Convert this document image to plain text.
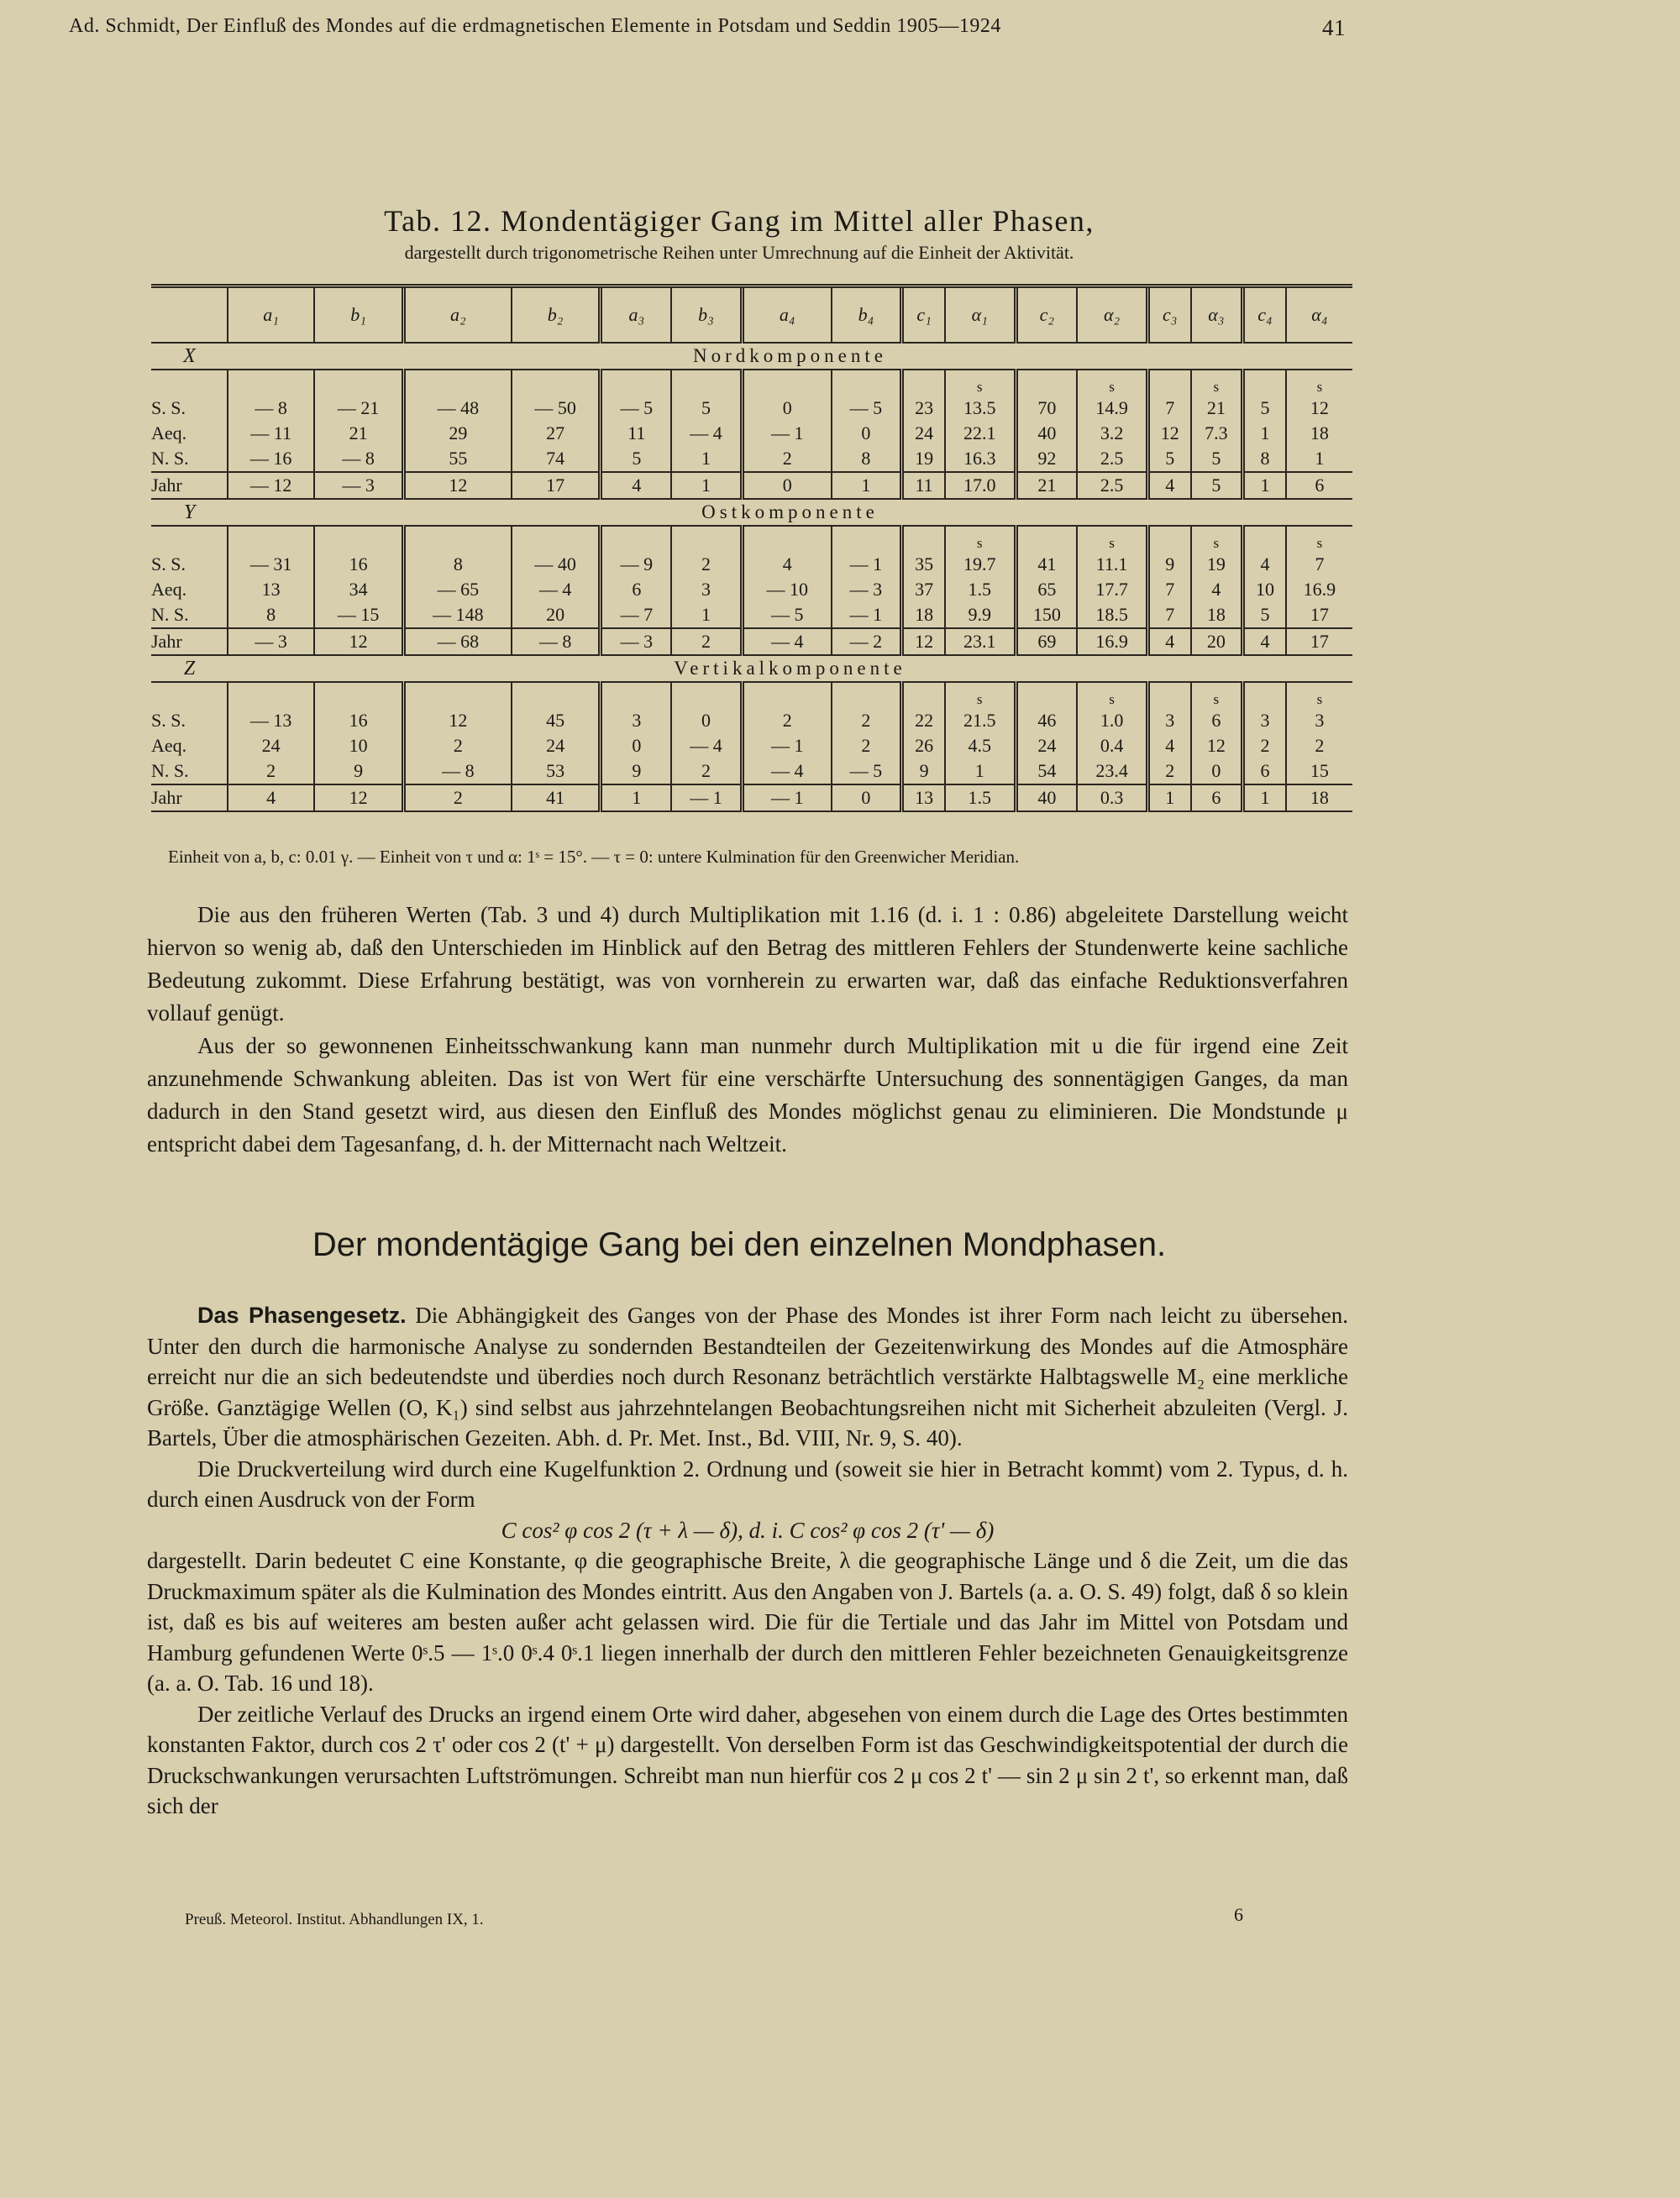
Ad. Schmidt, Der Einfluß des Mondes auf die erdmagnetischen Elemente in Potsdam und Seddin 1905—1924	41
Tab. 12. Mondentägiger Gang im Mittel aller Phasen,
dargestellt durch trigonometrische Reihen unter Umrechnung auf die Einheit der Aktivität.
	a₁	b₁	a₂	b₂	a₃	b₃	a₄	b₄	c₁	α₁	c₂	α₂	c₃	α₃	c₄	α₄
X	Nordkomponente															
										s		s		s		s
S. S.	— 8	— 21	— 48	— 50	— 5	5	0	— 5	23	13.5	70	14.9	7	21	5	12
Aeq.	— 11	21	29	27	11	— 4	— 1	0	24	22.1	40	3.2	12	7.3	1	18
N. S.	— 16	— 8	55	74	5	1	2	8	19	16.3	92	2.5	5	5	8	1
Jahr	— 12	— 3	12	17	4	1	0	1	11	17.0	21	2.5	4	5	1	6
Y	Ostkomponente															
										s		s		s		s
S. S.	— 31	16	8	— 40	— 9	2	4	— 1	35	19.7	41	11.1	9	19	4	7
Aeq.	13	34	— 65	— 4	6	3	— 10	— 3	37	1.5	65	17.7	7	4	10	16.9
N. S.	8	— 15	— 148	20	— 7	1	— 5	— 1	18	9.9	150	18.5	7	18	5	17
Jahr	— 3	12	— 68	— 8	— 3	2	— 4	— 2	12	23.1	69	16.9	4	20	4	17
Z	Vertikalkomponente															
										s		s		s		s
S. S.	— 13	16	12	45	3	0	2	2	22	21.5	46	1.0	3	6	3	3
Aeq.	24	10	2	24	0	— 4	— 1	2	26	4.5	24	0.4	4	12	2	2
N. S.	2	9	— 8	53	9	2	— 4	— 5	9	1	54	23.4	2	0	6	15
Jahr	4	12	2	41	1	— 1	— 1	0	13	1.5	40	0.3	1	6	1	18

Einheit von a, b, c: 0.01 γ. — Einheit von τ und α: 1ˢ = 15°. — τ = 0: untere Kulmination für den Greenwicher Meridian.

Die aus den früheren Werten (Tab. 3 und 4) durch Multiplikation mit 1.16 (d. i. 1 : 0.86) abgeleitete Darstellung weicht hiervon so wenig ab, daß den Unterschieden im Hinblick auf den Betrag des mittleren Fehlers der Stundenwerte keine sachliche Bedeutung zukommt. Diese Erfahrung bestätigt, was von vornherein zu erwarten war, daß das einfache Reduktionsverfahren vollauf genügt.

Aus der so gewonnenen Einheitsschwankung kann man nunmehr durch Multiplikation mit u die für irgend eine Zeit anzunehmende Schwankung ableiten. Das ist von Wert für eine verschärfte Untersuchung des sonnentägigen Ganges, da man dadurch in den Stand gesetzt wird, aus diesen den Einfluß des Mondes möglichst genau zu eliminieren. Die Mondstunde μ entspricht dabei dem Tagesanfang, d. h. der Mitternacht nach Weltzeit.

Der mondentägige Gang bei den einzelnen Mondphasen.

Das Phasengesetz. Die Abhängigkeit des Ganges von der Phase des Mondes ist ihrer Form nach leicht zu übersehen. Unter den durch die harmonische Analyse zu sondernden Bestandteilen der Gezeitenwirkung des Mondes auf die Atmosphäre erreicht nur die an sich bedeutendste und überdies noch durch Resonanz beträchtlich verstärkte Halbtagswelle M₂ eine merkliche Größe. Ganztägige Wellen (O, K₁) sind selbst aus jahrzehntelangen Beobachtungsreihen nicht mit Sicherheit abzuleiten (Vergl. J. Bartels, Über die atmosphärischen Gezeiten. Abh. d. Pr. Met. Inst., Bd. VIII, Nr. 9, S. 40).

Die Druckverteilung wird durch eine Kugelfunktion 2. Ordnung und (soweit sie hier in Betracht kommt) vom 2. Typus, d. h. durch einen Ausdruck von der Form

C cos² φ cos 2 (τ + λ — δ), d. i. C cos² φ cos 2 (τ' — δ)

dargestellt. Darin bedeutet C eine Konstante, φ die geographische Breite, λ die geographische Länge und δ die Zeit, um die das Druckmaximum später als die Kulmination des Mondes eintritt. Aus den Angaben von J. Bartels (a. a. O. S. 49) folgt, daß δ so klein ist, daß es bis auf weiteres am besten außer acht gelassen wird. Die für die Tertiale und das Jahr im Mittel von Potsdam und Hamburg gefundenen Werte 0ˢ.5 — 1ˢ.0 0ˢ.4 0ˢ.1 liegen innerhalb der durch den mittleren Fehler bezeichneten Genauigkeitsgrenze (a. a. O. Tab. 16 und 18).

Der zeitliche Verlauf des Drucks an irgend einem Orte wird daher, abgesehen von einem durch die Lage des Ortes bestimmten konstanten Faktor, durch cos 2 τ' oder cos 2 (t' + μ) dargestellt. Von derselben Form ist das Geschwindigkeitspotential der durch die Druckschwankungen verursachten Luftströmungen. Schreibt man nun hierfür cos 2 μ cos 2 t' — sin 2 μ sin 2 t', so erkennt man, daß sich der

Preuß. Meteorol. Institut. Abhandlungen IX, 1.	6
